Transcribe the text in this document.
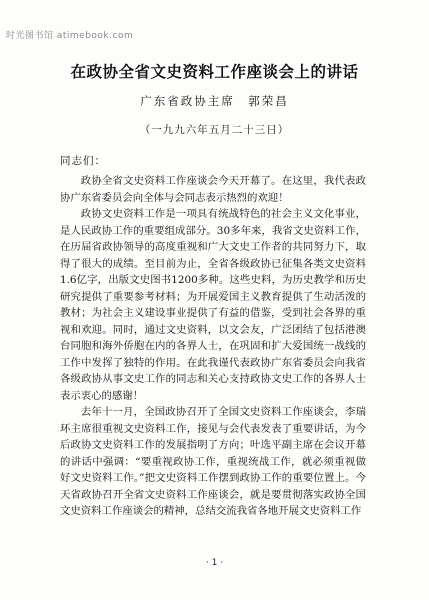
时光图书馆 atimebook.com
在政协全省文史资料工作座谈会上的讲话
广东省政协主席　郭荣昌
（一九九六年五月二十三日）
同志们：

政协全省文史资料工作座谈会今天开幕了。在这里，我代表政协广东省委员会向全体与会同志表示热烈的欢迎！

政协文史资料工作是一项具有统战特色的社会主义文化事业，是人民政协工作的重要组成部分。30多年来，我省文史资料工作，在历届省政协领导的高度重视和广大文史工作者的共同努力下，取得了很大的成绩。至目前为止，全省各级政协已征集各类文史资料1.6亿字，出版文史图书1200多种。这些史料，为历史教学和历史研究提供了重要参考材料；为开展爱国主义教育提供了生动活泼的教材；为社会主义建设事业提供了有益的借鉴，受到社会各界的重视和欢迎。同时，通过文史资料，以文会友，广泛团结了包括港澳台同胞和海外侨胞在内的各界人士，在巩固和扩大爱国统一战线的工作中发挥了独特的作用。在此我谨代表政协广东省委员会向我省各级政协从事文史工作的同志和关心支持政协文史工作的各界人士表示衷心的感谢！

去年十一月，全国政协召开了全国文史资料工作座谈会，李瑞环主席很重视文史资料工作，接见与会代表发表了重要讲话，为今后政协文史资料工作的发展指明了方向；叶选平副主席在会议开幕的讲话中强调：“要重视政协工作，重视统战工作，就必须重视做好文史资料工作。”把文史资料工作摆到政协工作的重要位置上。今天省政协召开全省文史资料工作座谈会，就是要贯彻落实政协全国文史资料工作座谈会的精神，总结交流我省各地开展文史资料工作

· 1 ·
